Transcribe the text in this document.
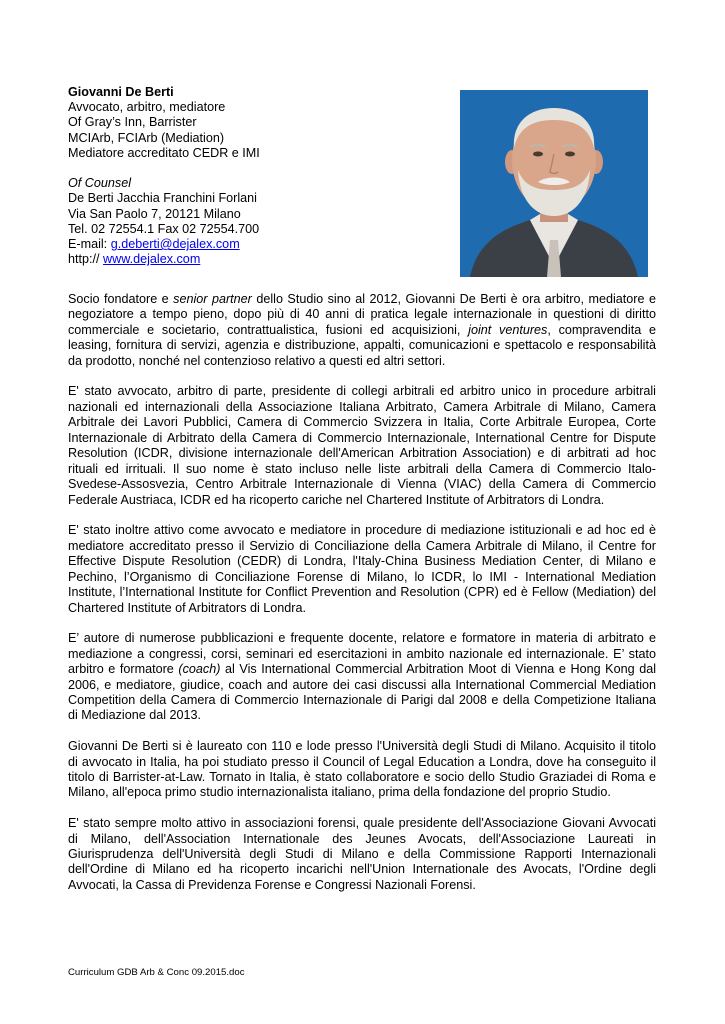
Giovanni De Berti
Avvocato, arbitro, mediatore
Of Gray’s Inn, Barrister
MCIArb, FCIArb (Mediation)
Mediatore accreditato CEDR e IMI
Of Counsel
De Berti Jacchia Franchini Forlani
Via San Paolo 7, 20121 Milano
Tel. 02 72554.1 Fax 02 72554.700
E-mail: g.deberti@dejalex.com
http:// www.dejalex.com

Socio fondatore e senior partner dello Studio sino al 2012, Giovanni De Berti è ora arbitro, mediatore e negoziatore a tempo pieno, dopo più di 40 anni di pratica legale internazionale in questioni di diritto commerciale e societario, contrattualistica, fusioni ed acquisizioni, joint ventures, compravendita e leasing, fornitura di servizi, agenzia e distribuzione, appalti, comunicazioni e spettacolo e responsabilità da prodotto, nonché nel contenzioso relativo a questi ed altri settori.

E' stato avvocato, arbitro di parte, presidente di collegi arbitrali ed arbitro unico in procedure arbitrali nazionali ed internazionali della Associazione Italiana Arbitrato, Camera Arbitrale di Milano, Camera Arbitrale dei Lavori Pubblici, Camera di Commercio Svizzera in Italia, Corte Arbitrale Europea, Corte Internazionale di Arbitrato della Camera di Commercio Internazionale, International Centre for Dispute Resolution (ICDR, divisione internazionale dell'American Arbitration Association) e di arbitrati ad hoc rituali ed irrituali. Il suo nome è stato incluso nelle liste arbitrali della Camera di Commercio Italo-Svedese-Assosvezia, Centro Arbitrale Internazionale di Vienna (VIAC) della Camera di Commercio Federale Austriaca, ICDR ed ha ricoperto cariche nel Chartered Institute of Arbitrators di Londra.

E' stato inoltre attivo come avvocato e mediatore in procedure di mediazione istituzionali e ad hoc ed è mediatore accreditato presso il Servizio di Conciliazione della Camera Arbitrale di Milano, il Centre for Effective Dispute Resolution (CEDR) di Londra, l'Italy-China Business Mediation Center, di Milano e Pechino, l’Organismo di Conciliazione Forense di Milano, lo ICDR, lo IMI - International Mediation Institute, l’International Institute for Conflict Prevention and Resolution (CPR) ed è Fellow (Mediation) del Chartered Institute of Arbitrators di Londra.

E’ autore di numerose pubblicazioni e frequente docente, relatore e formatore in materia di arbitrato e mediazione a congressi, corsi, seminari ed esercitazioni in ambito nazionale ed internazionale. E’ stato arbitro e formatore (coach) al Vis International Commercial Arbitration Moot di Vienna e Hong Kong dal 2006, e mediatore, giudice, coach and autore dei casi discussi alla International Commercial Mediation Competition della Camera di Commercio Internazionale di Parigi dal 2008 e della Competizione Italiana di Mediazione dal 2013.

Giovanni De Berti si è laureato con 110 e lode presso l'Università degli Studi di Milano. Acquisito il titolo di avvocato in Italia, ha poi studiato presso il Council of Legal Education a Londra, dove ha conseguito il titolo di Barrister-at-Law. Tornato in Italia, è stato collaboratore e socio dello Studio Graziadei di Roma e Milano, all'epoca primo studio internazionalista italiano, prima della fondazione del proprio Studio.

E' stato sempre molto attivo in associazioni forensi, quale presidente dell'Associazione Giovani Avvocati di Milano, dell'Association Internationale des Jeunes Avocats, dell'Associazione Laureati in Giurisprudenza dell'Università degli Studi di Milano e della Commissione Rapporti Internazionali dell'Ordine di Milano ed ha ricoperto incarichi nell'Union Internationale des Avocats, l'Ordine degli Avvocati, la Cassa di Previdenza Forense e Congressi Nazionali Forensi.

Curriculum GDB Arb & Conc 09.2015.doc
